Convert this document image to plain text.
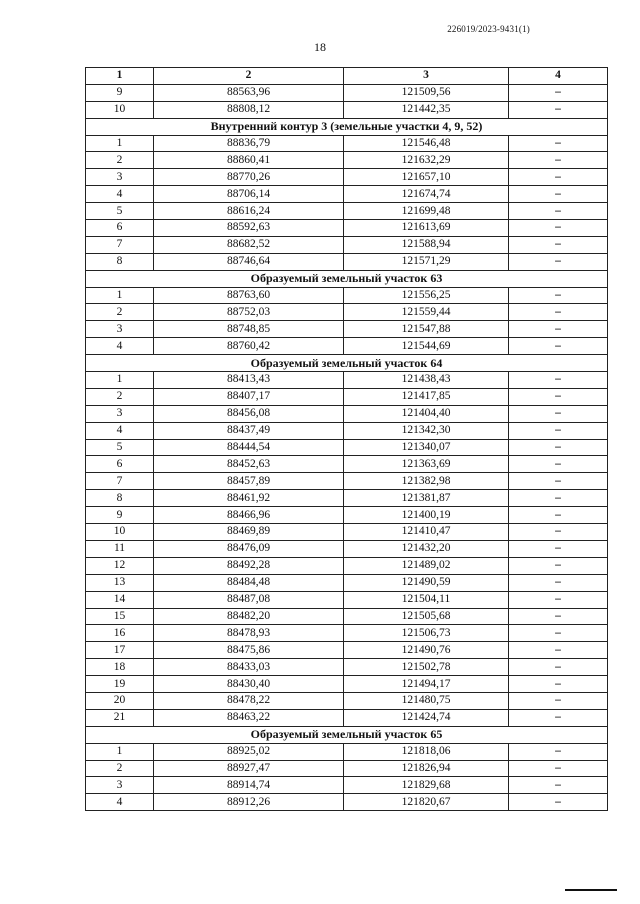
226019/2023-9431(1)
18
1	2	3	4
9	88563,96	121509,56	–
10	88808,12	121442,35	–
Внутренний контур 3 (земельные участки 4, 9, 52)			
1	88836,79	121546,48	–
2	88860,41	121632,29	–
3	88770,26	121657,10	–
4	88706,14	121674,74	–
5	88616,24	121699,48	–
6	88592,63	121613,69	–
7	88682,52	121588,94	–
8	88746,64	121571,29	–
Образуемый земельный участок 63			
1	88763,60	121556,25	–
2	88752,03	121559,44	–
3	88748,85	121547,88	–
4	88760,42	121544,69	–
Образуемый земельный участок 64			
1	88413,43	121438,43	–
2	88407,17	121417,85	–
3	88456,08	121404,40	–
4	88437,49	121342,30	–
5	88444,54	121340,07	–
6	88452,63	121363,69	–
7	88457,89	121382,98	–
8	88461,92	121381,87	–
9	88466,96	121400,19	–
10	88469,89	121410,47	–
11	88476,09	121432,20	–
12	88492,28	121489,02	–
13	88484,48	121490,59	–
14	88487,08	121504,11	–
15	88482,20	121505,68	–
16	88478,93	121506,73	–
17	88475,86	121490,76	–
18	88433,03	121502,78	–
19	88430,40	121494,17	–
20	88478,22	121480,75	–
21	88463,22	121424,74	–
Образуемый земельный участок 65			
1	88925,02	121818,06	–
2	88927,47	121826,94	–
3	88914,74	121829,68	–
4	88912,26	121820,67	–
